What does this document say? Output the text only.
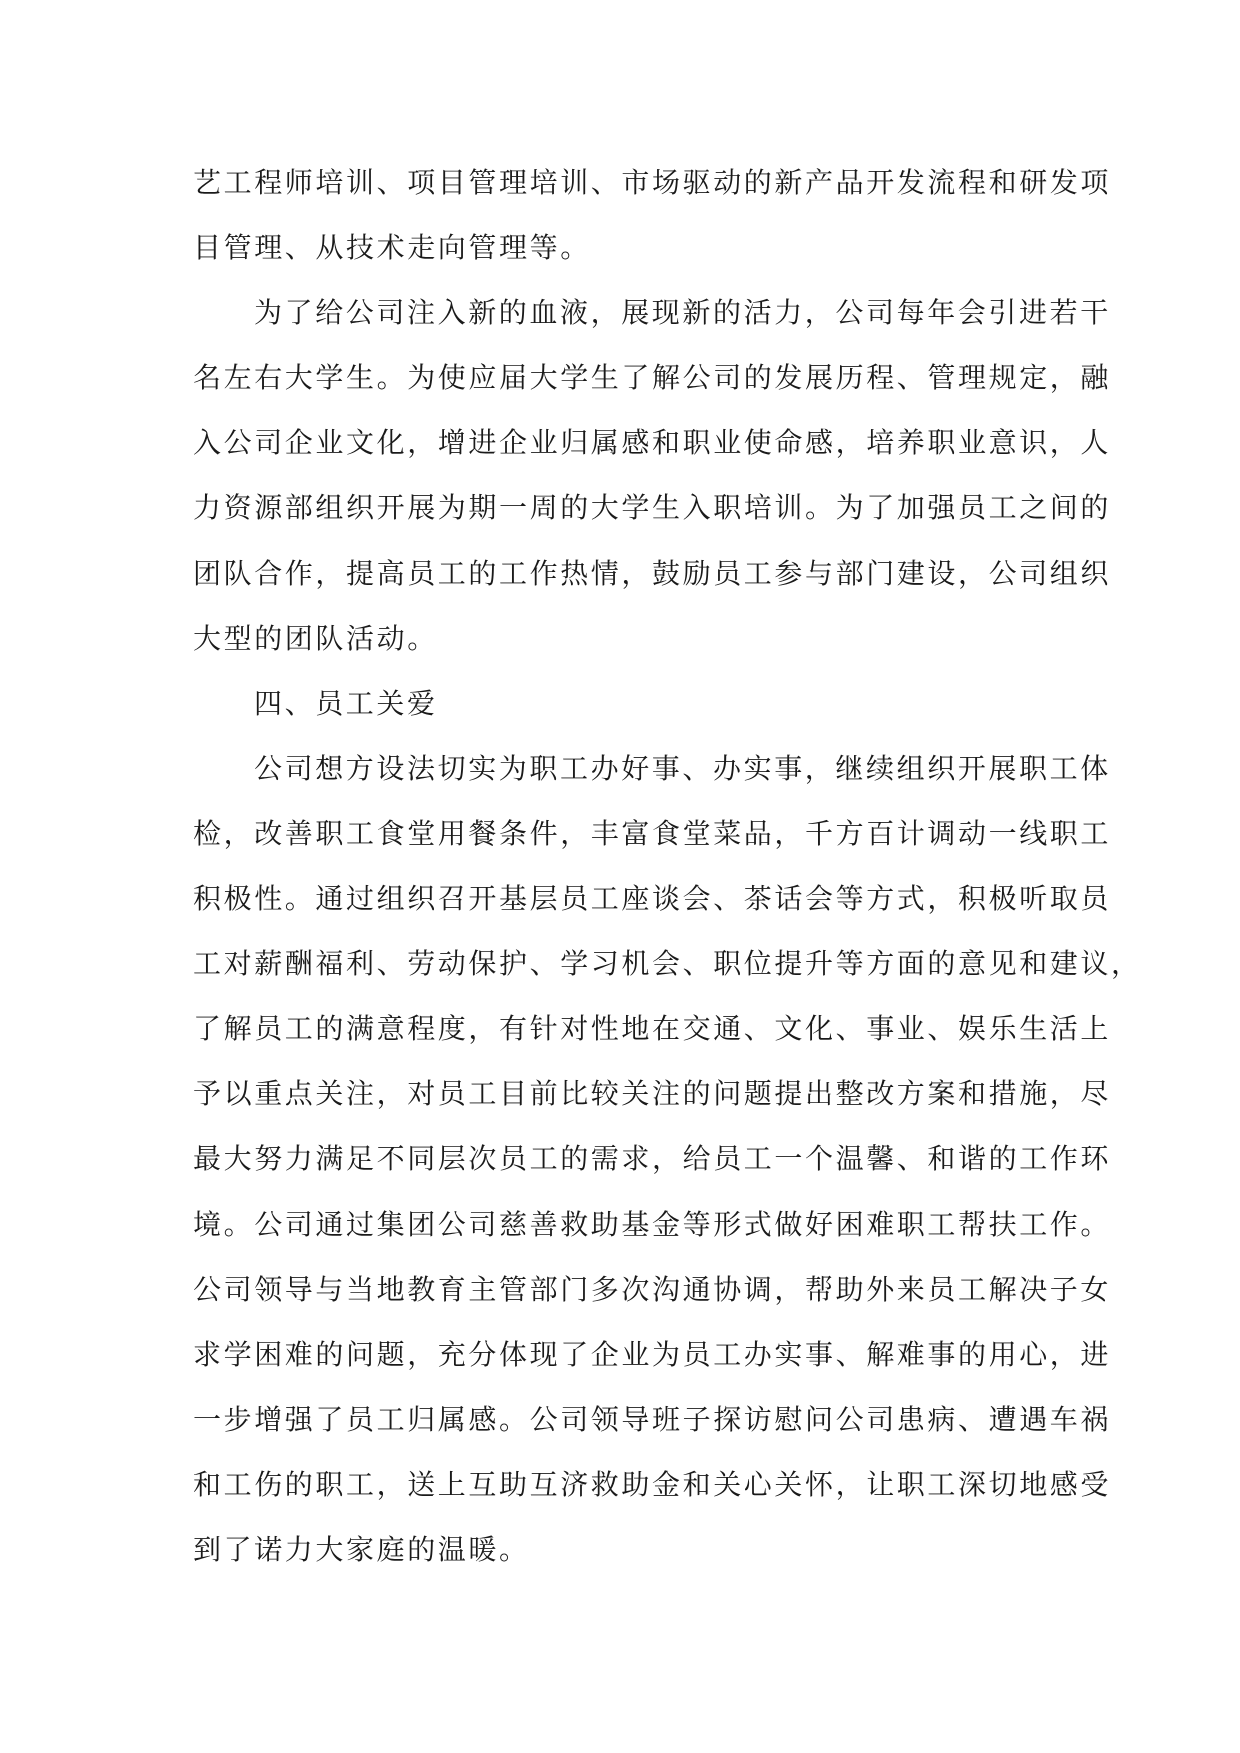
艺工程师培训、项目管理培训、市场驱动的新产品开发流程和研发项
目管理、从技术走向管理等。
为了给公司注入新的血液，展现新的活力，公司每年会引进若干
名左右大学生。为使应届大学生了解公司的发展历程、管理规定，融
入公司企业文化，增进企业归属感和职业使命感，培养职业意识，人
力资源部组织开展为期一周的大学生入职培训。为了加强员工之间的
团队合作，提高员工的工作热情，鼓励员工参与部门建设，公司组织
大型的团队活动。
四、员工关爱
公司想方设法切实为职工办好事、办实事，继续组织开展职工体
检，改善职工食堂用餐条件，丰富食堂菜品，千方百计调动一线职工
积极性。通过组织召开基层员工座谈会、茶话会等方式，积极听取员
工对薪酬福利、劳动保护、学习机会、职位提升等方面的意见和建议，
了解员工的满意程度，有针对性地在交通、文化、事业、娱乐生活上
予以重点关注，对员工目前比较关注的问题提出整改方案和措施，尽
最大努力满足不同层次员工的需求，给员工一个温馨、和谐的工作环
境。公司通过集团公司慈善救助基金等形式做好困难职工帮扶工作。
公司领导与当地教育主管部门多次沟通协调，帮助外来员工解决子女
求学困难的问题，充分体现了企业为员工办实事、解难事的用心，进
一步增强了员工归属感。公司领导班子探访慰问公司患病、遭遇车祸
和工伤的职工，送上互助互济救助金和关心关怀，让职工深切地感受
到了诺力大家庭的温暖。
